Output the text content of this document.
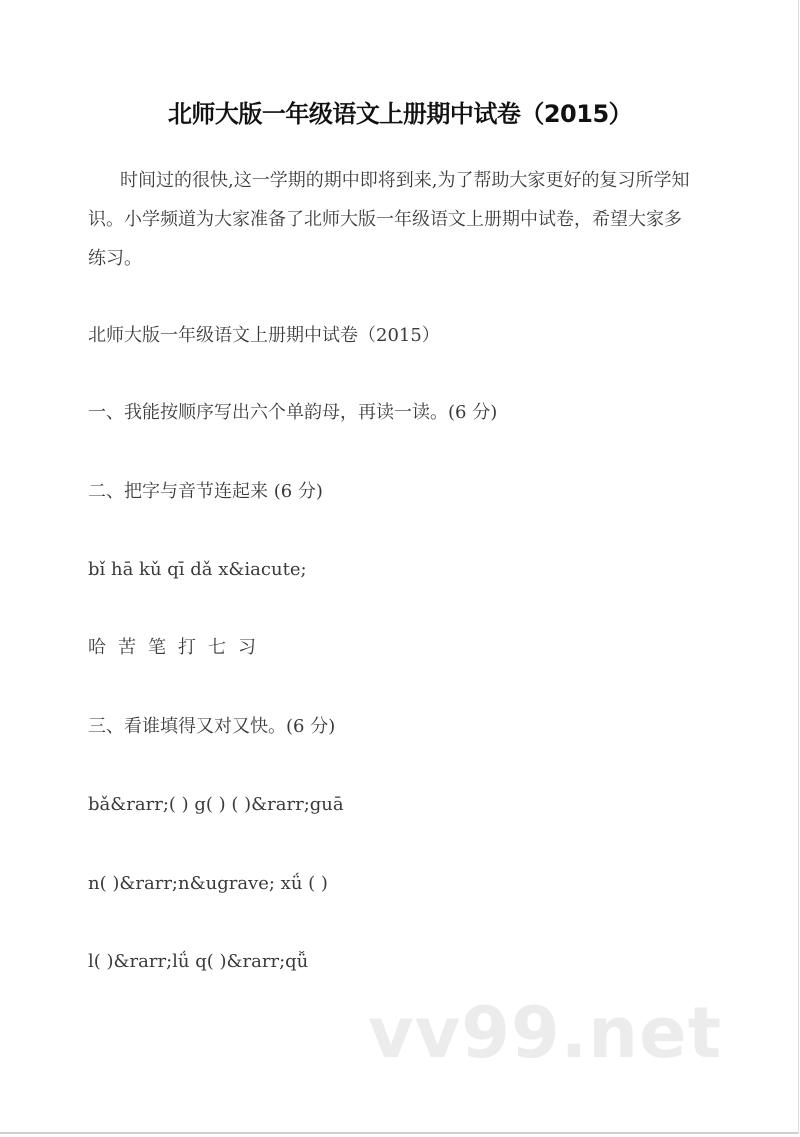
北师大版一年级语文上册期中试卷（2015）
时间过的很快,这一学期的期中即将到来,为了帮助大家更好的复习所学知
识。小学频道为大家准备了北师大版一年级语文上册期中试卷，希望大家多
练习。
北师大版一年级语文上册期中试卷（2015）
一、我能按顺序写出六个单韵母，再读一读。(6 分)
二、把字与音节连起来 (6 分)
bǐ hā kǔ qī dǎ x&iacute;
哈苦笔打七习
三、看谁填得又对又快。(6 分)
bǎ&rarr;( ) g( ) ( )&rarr;guā
n( )&rarr;n&ugrave; xǘ ( )
l( )&rarr;lǘ q( )&rarr;qǚ
vv99.net
